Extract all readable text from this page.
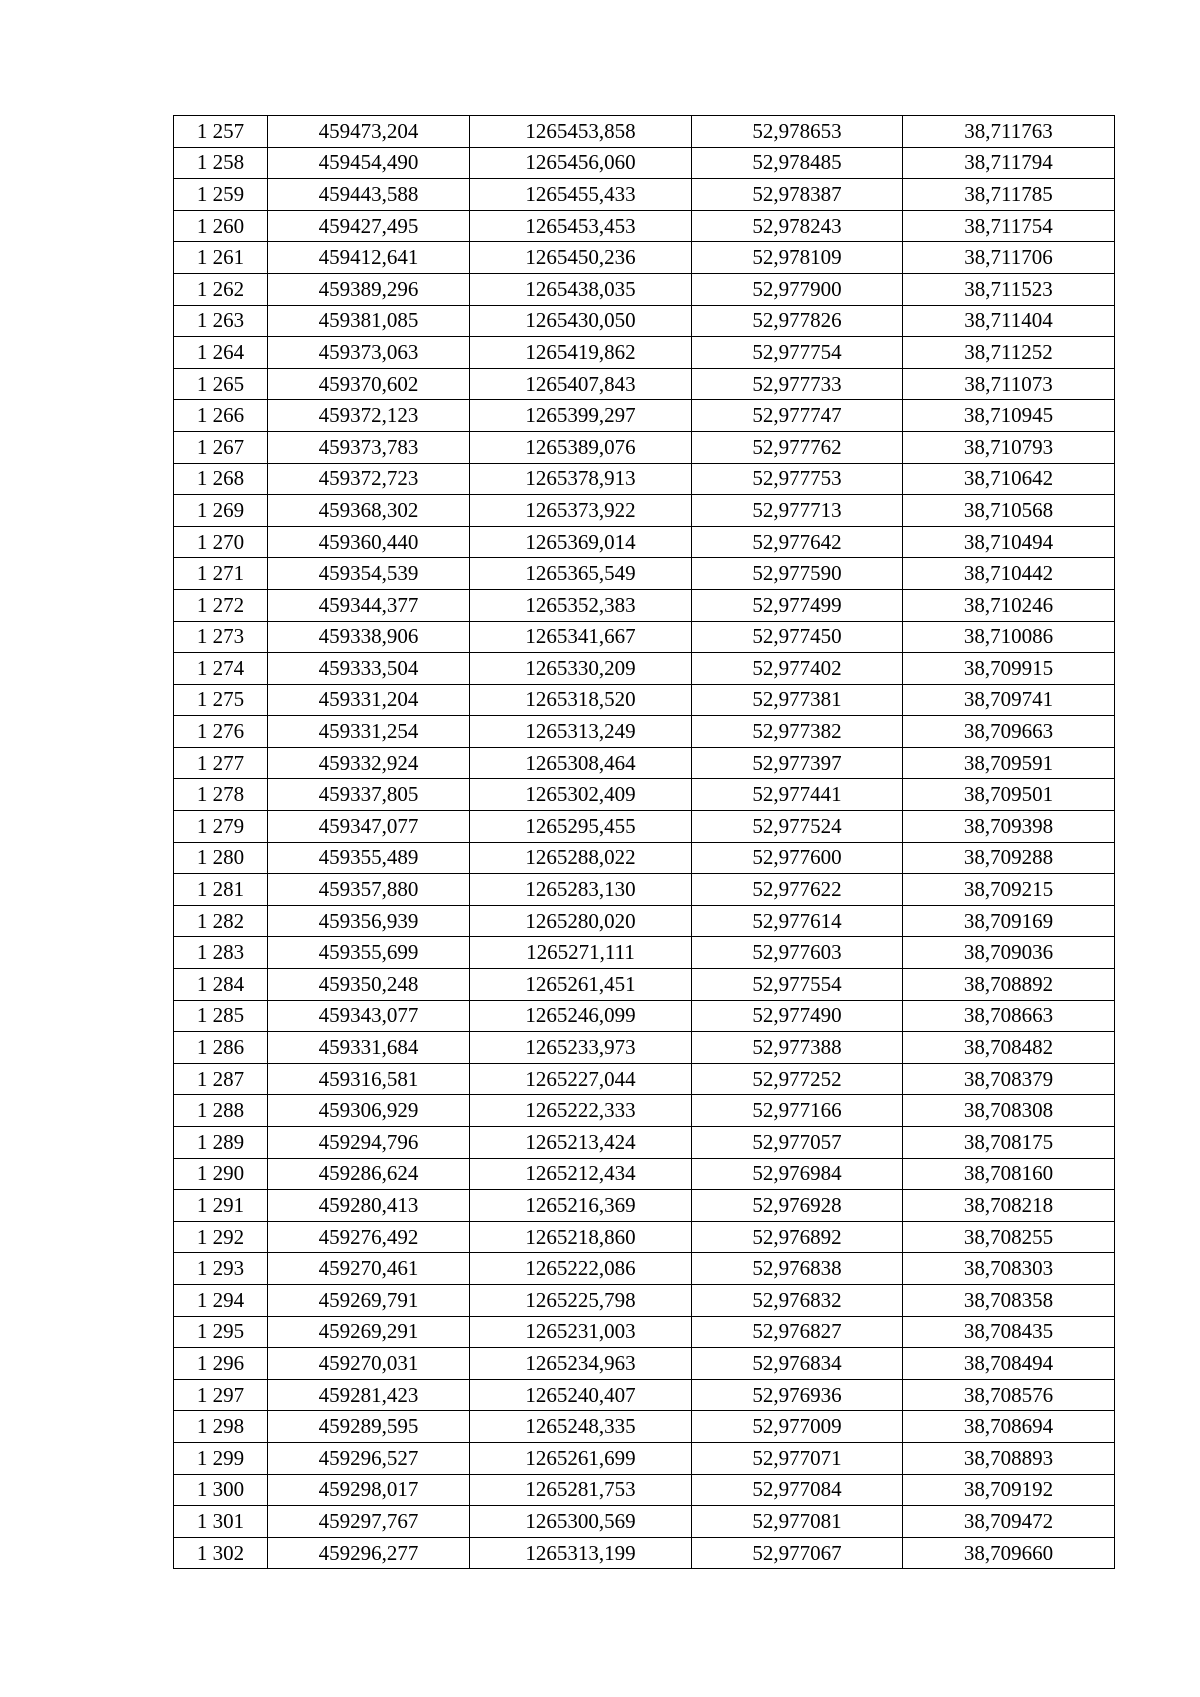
1 257	459473,204	1265453,858	52,978653	38,711763
1 258	459454,490	1265456,060	52,978485	38,711794
1 259	459443,588	1265455,433	52,978387	38,711785
1 260	459427,495	1265453,453	52,978243	38,711754
1 261	459412,641	1265450,236	52,978109	38,711706
1 262	459389,296	1265438,035	52,977900	38,711523
1 263	459381,085	1265430,050	52,977826	38,711404
1 264	459373,063	1265419,862	52,977754	38,711252
1 265	459370,602	1265407,843	52,977733	38,711073
1 266	459372,123	1265399,297	52,977747	38,710945
1 267	459373,783	1265389,076	52,977762	38,710793
1 268	459372,723	1265378,913	52,977753	38,710642
1 269	459368,302	1265373,922	52,977713	38,710568
1 270	459360,440	1265369,014	52,977642	38,710494
1 271	459354,539	1265365,549	52,977590	38,710442
1 272	459344,377	1265352,383	52,977499	38,710246
1 273	459338,906	1265341,667	52,977450	38,710086
1 274	459333,504	1265330,209	52,977402	38,709915
1 275	459331,204	1265318,520	52,977381	38,709741
1 276	459331,254	1265313,249	52,977382	38,709663
1 277	459332,924	1265308,464	52,977397	38,709591
1 278	459337,805	1265302,409	52,977441	38,709501
1 279	459347,077	1265295,455	52,977524	38,709398
1 280	459355,489	1265288,022	52,977600	38,709288
1 281	459357,880	1265283,130	52,977622	38,709215
1 282	459356,939	1265280,020	52,977614	38,709169
1 283	459355,699	1265271,111	52,977603	38,709036
1 284	459350,248	1265261,451	52,977554	38,708892
1 285	459343,077	1265246,099	52,977490	38,708663
1 286	459331,684	1265233,973	52,977388	38,708482
1 287	459316,581	1265227,044	52,977252	38,708379
1 288	459306,929	1265222,333	52,977166	38,708308
1 289	459294,796	1265213,424	52,977057	38,708175
1 290	459286,624	1265212,434	52,976984	38,708160
1 291	459280,413	1265216,369	52,976928	38,708218
1 292	459276,492	1265218,860	52,976892	38,708255
1 293	459270,461	1265222,086	52,976838	38,708303
1 294	459269,791	1265225,798	52,976832	38,708358
1 295	459269,291	1265231,003	52,976827	38,708435
1 296	459270,031	1265234,963	52,976834	38,708494
1 297	459281,423	1265240,407	52,976936	38,708576
1 298	459289,595	1265248,335	52,977009	38,708694
1 299	459296,527	1265261,699	52,977071	38,708893
1 300	459298,017	1265281,753	52,977084	38,709192
1 301	459297,767	1265300,569	52,977081	38,709472
1 302	459296,277	1265313,199	52,977067	38,709660
